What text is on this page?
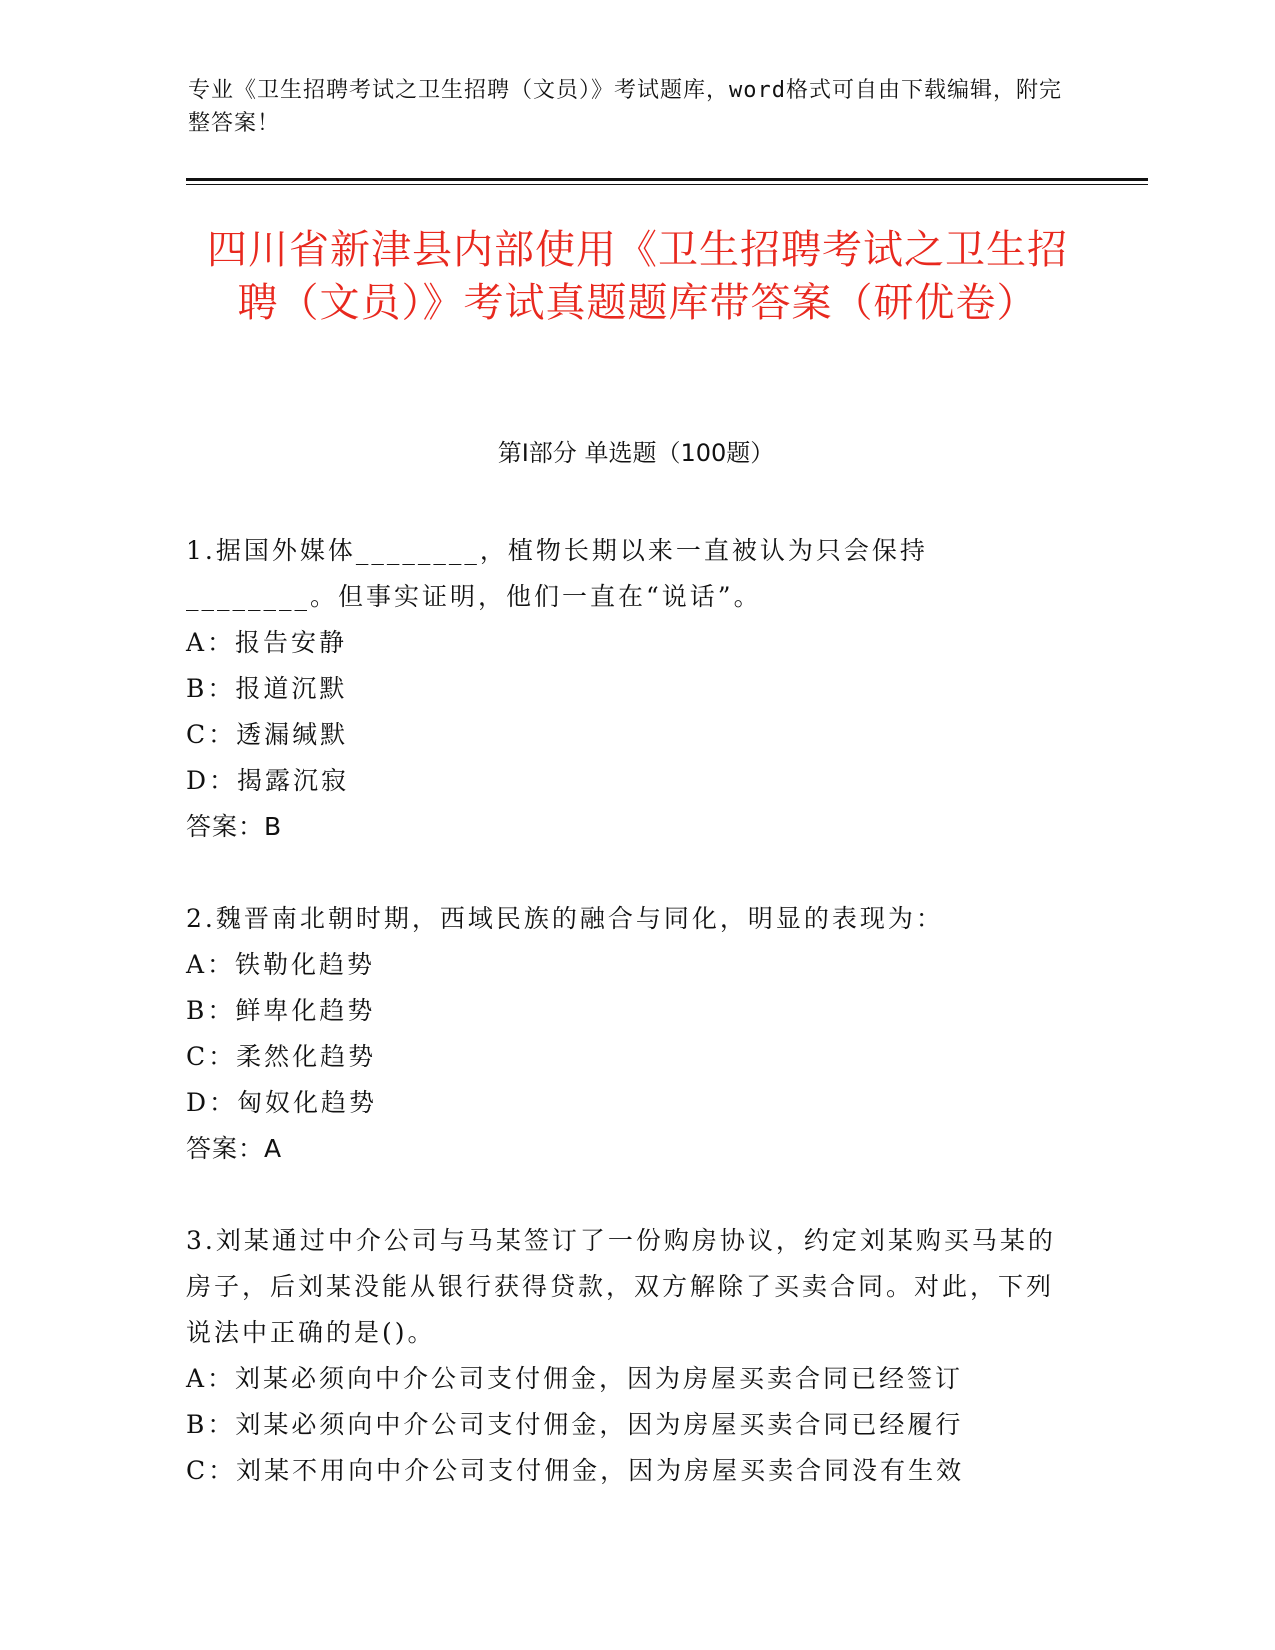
专业《卫生招聘考试之卫生招聘（文员）》考试题库，word格式可自由下载编辑，附完整答案！
四川省新津县内部使用《卫生招聘考试之卫生招聘（文员）》考试真题题库带答案（研优卷）
第I部分 单选题（100题）

1.据国外媒体________，植物长期以来一直被认为只会保持________。但事实证明，他们一直在“说话”。

A：报告安静

B：报道沉默

C：透漏缄默

D：揭露沉寂

答案：B

2.魏晋南北朝时期，西域民族的融合与同化，明显的表现为：

A：铁勒化趋势

B：鲜卑化趋势

C：柔然化趋势

D：匈奴化趋势

答案：A

3.刘某通过中介公司与马某签订了一份购房协议，约定刘某购买马某的房子，后刘某没能从银行获得贷款，双方解除了买卖合同。对此，下列说法中正确的是()。

A：刘某必须向中介公司支付佣金，因为房屋买卖合同已经签订

B：刘某必须向中介公司支付佣金，因为房屋买卖合同已经履行

C：刘某不用向中介公司支付佣金，因为房屋买卖合同没有生效
